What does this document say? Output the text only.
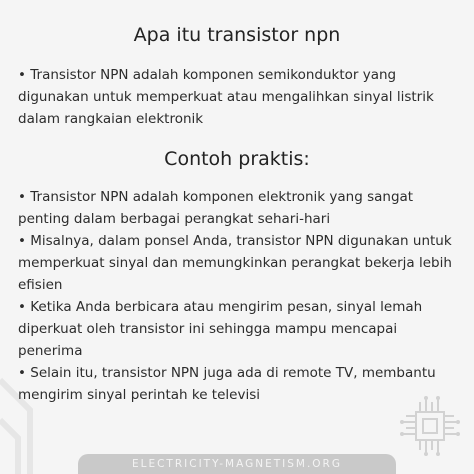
Apa itu transistor npn
• Transistor NPN adalah komponen semikonduktor yang digunakan untuk memperkuat atau mengalihkan sinyal listrik dalam rangkaian elektronik
Contoh praktis:

• Transistor NPN adalah komponen elektronik yang sangat penting dalam berbagai perangkat sehari-hari

• Misalnya, dalam ponsel Anda, transistor NPN digunakan untuk memperkuat sinyal dan memungkinkan perangkat bekerja lebih efisien

• Ketika Anda berbicara atau mengirim pesan, sinyal lemah diperkuat oleh transistor ini sehingga mampu mencapai penerima

• Selain itu, transistor NPN juga ada di remote TV, membantu mengirim sinyal perintah ke televisi

ELECTRICITY-MAGNETISM.ORG
